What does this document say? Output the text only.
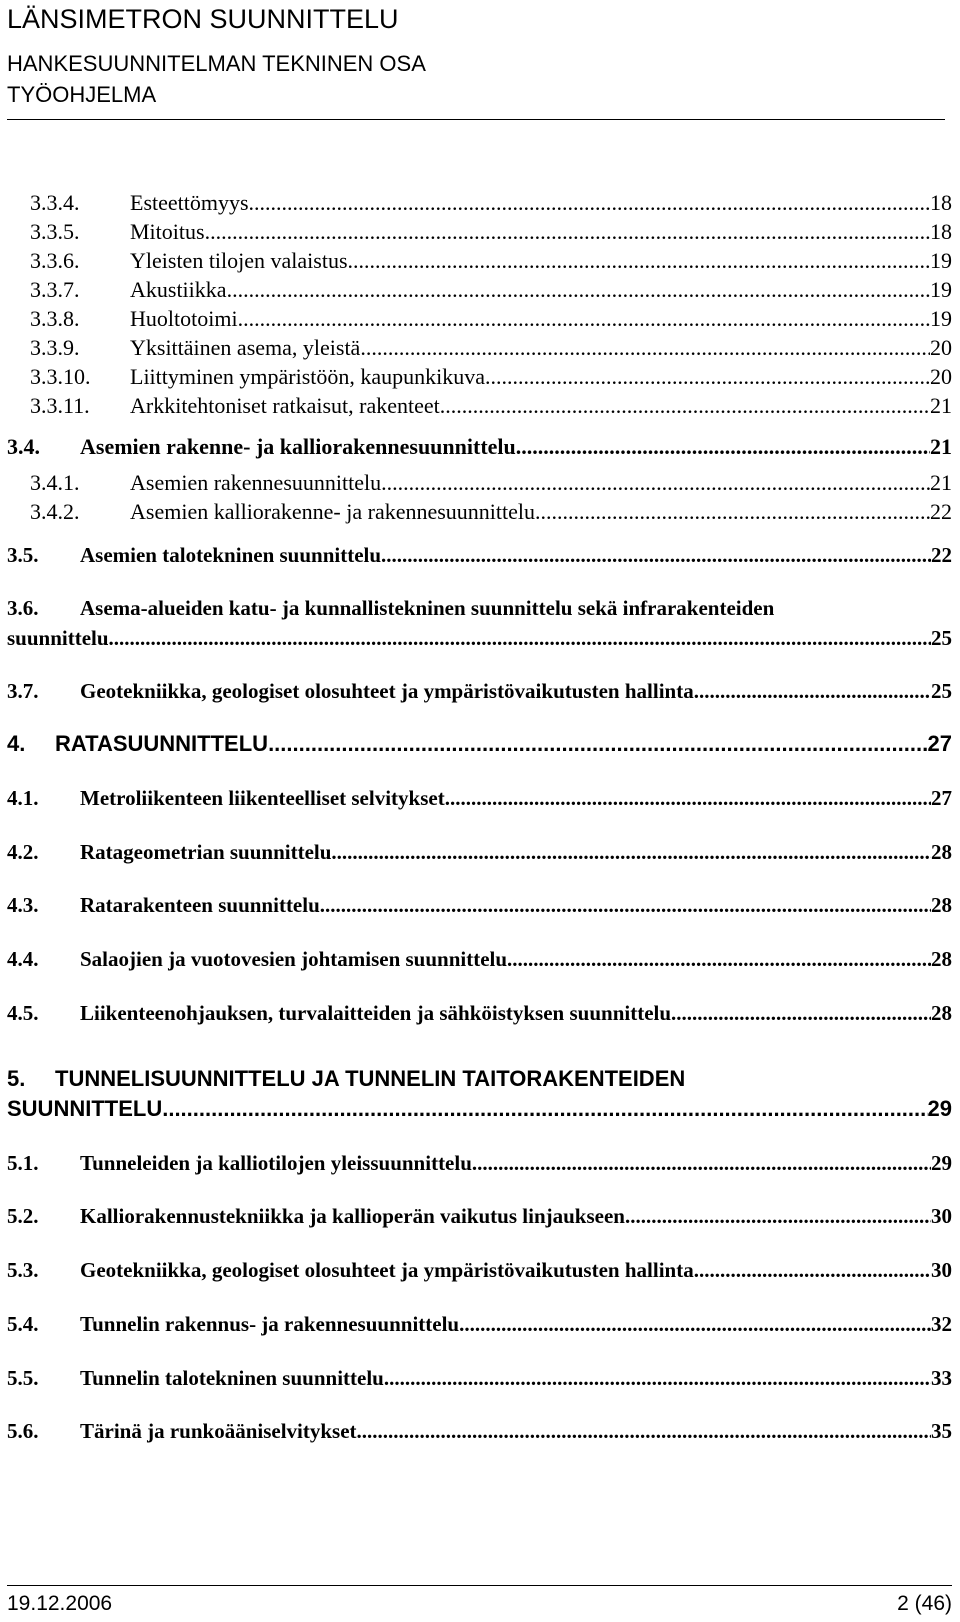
LÄNSIMETRON SUUNNITTELU
HANKESUUNNITELMAN TEKNINEN OSA
TYÖOHJELMA
3.3.4.	Esteettömyys .....	18
3.3.5.	Mitoitus .....	18
3.3.6.	Yleisten tilojen valaistus .....	19
3.3.7.	Akustiikka .....	19
3.3.8.	Huoltotoimi .....	19
3.3.9.	Yksittäinen asema, yleistä .....	20
3.3.10.	Liittyminen ympäristöön, kaupunkikuva .....	20
3.3.11.	Arkkitehtoniset ratkaisut, rakenteet .....	21
3.4.	Asemien rakenne- ja kalliorakennesuunnittelu .....	21
3.4.1.	Asemien rakennesuunnittelu .....	21
3.4.2.	Asemien kalliorakenne- ja rakennesuunnittelu .....	22
3.5.	Asemien talotekninen suunnittelu .....	22
3.6.	Asema-alueiden katu- ja kunnallistekninen suunnittelu sekä infrarakenteiden
suunnittelu .....	25
3.7.	Geotekniikka, geologiset olosuhteet ja ympäristövaikutusten hallinta .....	25
4.	RATASUUNNITTELU .....	27
4.1.	Metroliikenteen liikenteelliset selvitykset .....	27
4.2.	Ratageometrian suunnittelu .....	28
4.3.	Ratarakenteen suunnittelu .....	28
4.4.	Salaojien ja vuotovesien johtamisen suunnittelu .....	28
4.5.	Liikenteenohjauksen, turvalaitteiden ja sähköistyksen suunnittelu .....	28
5.	TUNNELISUUNNITTELU JA TUNNELIN TAITORAKENTEIDEN
SUUNNITTELU .....	29
5.1.	Tunneleiden ja kalliotilojen yleissuunnittelu .....	29
5.2.	Kalliorakennustekniikka ja kallioperän vaikutus linjaukseen .....	30
5.3.	Geotekniikka, geologiset olosuhteet ja ympäristövaikutusten hallinta .....	30
5.4.	Tunnelin rakennus- ja rakennesuunnittelu .....	32
5.5.	Tunnelin talotekninen suunnittelu .....	33
5.6.	Tärinä ja runkoääniselvitykset .....	35
19.12.2006	2 (46)
